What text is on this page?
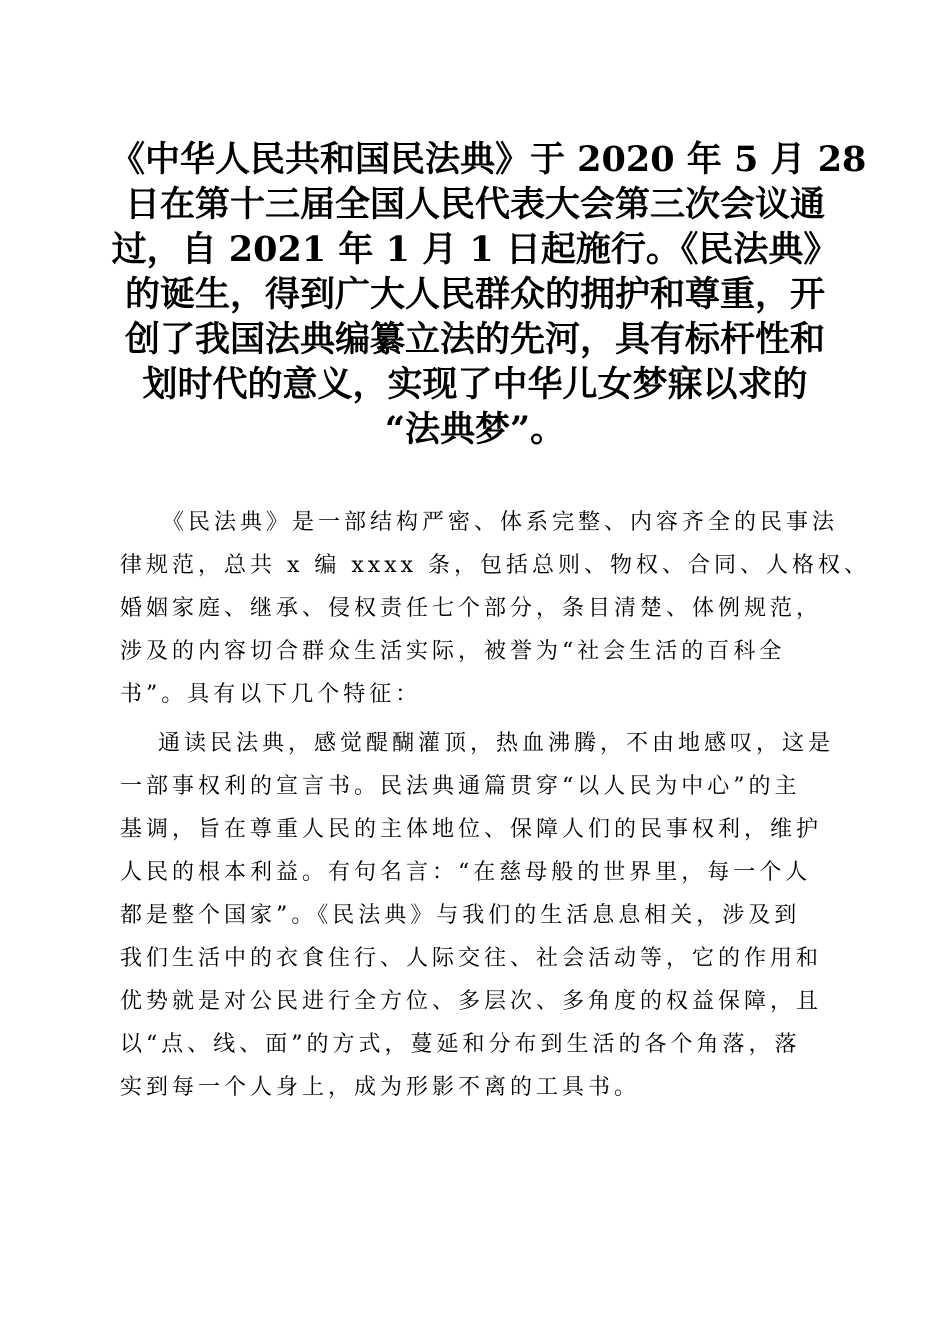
《中华人民共和国民法典》于 2020 年 5 月 28
日在第十三届全国人民代表大会第三次会议通
过，自 2021 年 1 月 1 日起施行。《民法典》
的诞生，得到广大人民群众的拥护和尊重，开
创了我国法典编纂立法的先河，具有标杆性和
划时代的意义，实现了中华儿女梦寐以求的
“法典梦”。
《民法典》是一部结构严密、体系完整、内容齐全的民事法
律规范，总共 x 编 xxxx 条，包括总则、物权、合同、人格权、
婚姻家庭、继承、侵权责任七个部分，条目清楚、体例规范，
涉及的内容切合群众生活实际，被誉为“社会生活的百科全
书”。具有以下几个特征：
通读民法典，感觉醍醐灌顶，热血沸腾，不由地感叹，这是
一部事权利的宣言书。民法典通篇贯穿“以人民为中心”的主
基调，旨在尊重人民的主体地位、保障人们的民事权利，维护
人民的根本利益。有句名言：“在慈母般的世界里，每一个人
都是整个国家”。《民法典》与我们的生活息息相关，涉及到
我们生活中的衣食住行、人际交往、社会活动等，它的作用和
优势就是对公民进行全方位、多层次、多角度的权益保障，且
以“点、线、面”的方式，蔓延和分布到生活的各个角落，落
实到每一个人身上，成为形影不离的工具书。
